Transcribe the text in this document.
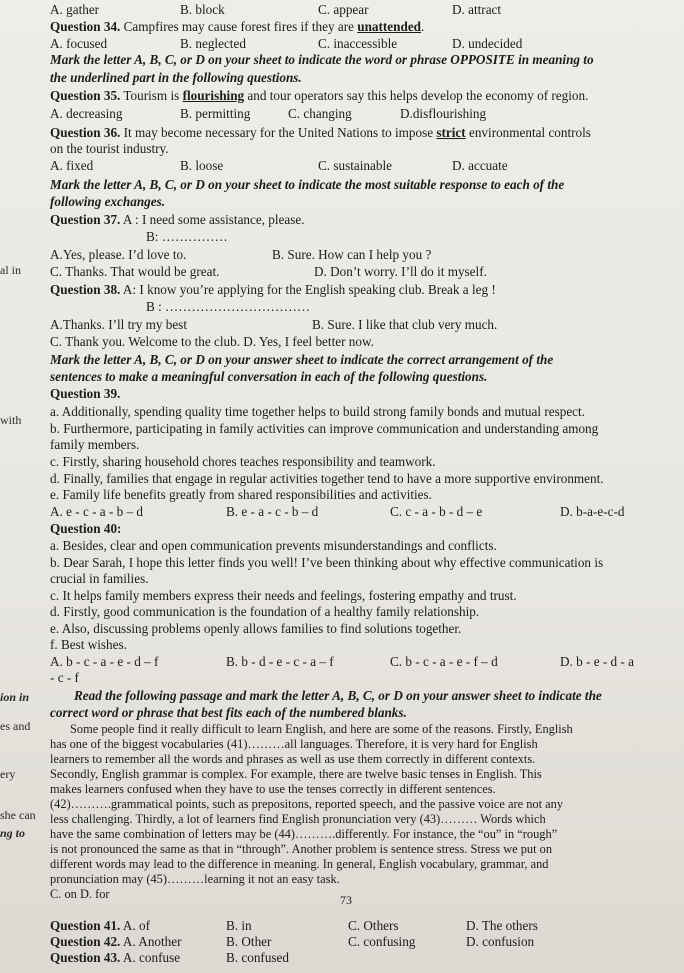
al in
with
ion in
es and
ery
she can
ng to
A. gather	B. block	C. appear	D. attract
Question 34. Campfires may cause forest fires if they are unattended.
A. focused	B. neglected	C. inaccessible	D. undecided
Mark the letter A, B, C, or D on your sheet to indicate the word or phrase OPPOSITE in meaning to
the underlined part in the following questions.
Question 35. Tourism is flourishing and tour operators say this helps develop the economy of region.
A. decreasing	B. permitting	C. changing	D.disflourishing
Question 36. It may become necessary for the United Nations to impose strict environmental controls
on the tourist industry.
A. fixed	B. loose	C. sustainable	D. accuate
Mark the letter A, B, C, or D on your sheet to indicate the most suitable response to each of the
following exchanges.
Question 37. A : I need some assistance, please.
B: ……………
A.Yes, please. I’d love to.	B. Sure. How can I help you ?
C. Thanks. That would be great.	D. Don’t worry. I’ll do it myself.
Question 38. A: I know you’re applying for the English speaking club. Break a leg !
B : ……………………………
A.Thanks. I’ll try my best	B. Sure. I like that club very much.
C. Thank you. Welcome to the club. D. Yes, I feel better now.
Mark the letter A, B, C, or D on your answer sheet to indicate the correct arrangement of the
sentences to make a meaningful conversation in each of the following questions.
Question 39.
a. Additionally, spending quality time together helps to build strong family bonds and mutual respect.
b. Furthermore, participating in family activities can improve communication and understanding among
family members.
c. Firstly, sharing household chores teaches responsibility and teamwork.
d. Finally, families that engage in regular activities together tend to have a more supportive environment.
e. Family life benefits greatly from shared responsibilities and activities.
A. e - c - a - b – d	B. e - a - c - b – d	C. c - a - b - d – e	D. b-a-e-c-d
Question 40:
a. Besides, clear and open communication prevents misunderstandings and conflicts.
b. Dear Sarah, I hope this letter finds you well! I’ve been thinking about why effective communication is
crucial in families.
c. It helps family members express their needs and feelings, fostering empathy and trust.
d. Firstly, good communication is the foundation of a healthy family relationship.
e. Also, discussing problems openly allows families to find solutions together.
f. Best wishes.
A. b - c - a - e - d – f	B. b - d - e - c - a – f	C. b - c - a - e - f – d	D. b - e - d - a
- c - f
Read the following passage and mark the letter A, B, C, or D on your answer sheet to indicate the
correct word or phrase that best fits each of the numbered blanks.
Some people find it really difficult to learn English, and here are some of the reasons. Firstly, English
has one of the biggest vocabularies (41)………all languages. Therefore, it is very hard for English
learners to remember all the words and phrases as well as use them correctly in different contexts.
Secondly, English grammar is complex. For example, there are twelve basic tenses in English. This
makes learners confused when they have to use the tenses correctly in different sentences.
(42)……….grammatical points, such as prepositons, reported speech, and the passive voice are not any
less challenging. Thirdly, a lot of learners find English pronunciation very (43)……… Words which
have the same combination of letters may be (44)……….differently. For instance, the “ou” in “rough”
is not pronounced the same as that in “through”. Another problem is sentence stress. Stress we put on
different words may lead to the difference in meaning. In general, English vocabulary, grammar, and
pronunciation may (45)………learning it not an easy task.
C. on D. for
Question 41. A. of	B. in	C. Others	D. The others
Question 42. A. Another	B. Other	C. confusing	D. confusion
Question 43. A. confuse	B. confused
73
